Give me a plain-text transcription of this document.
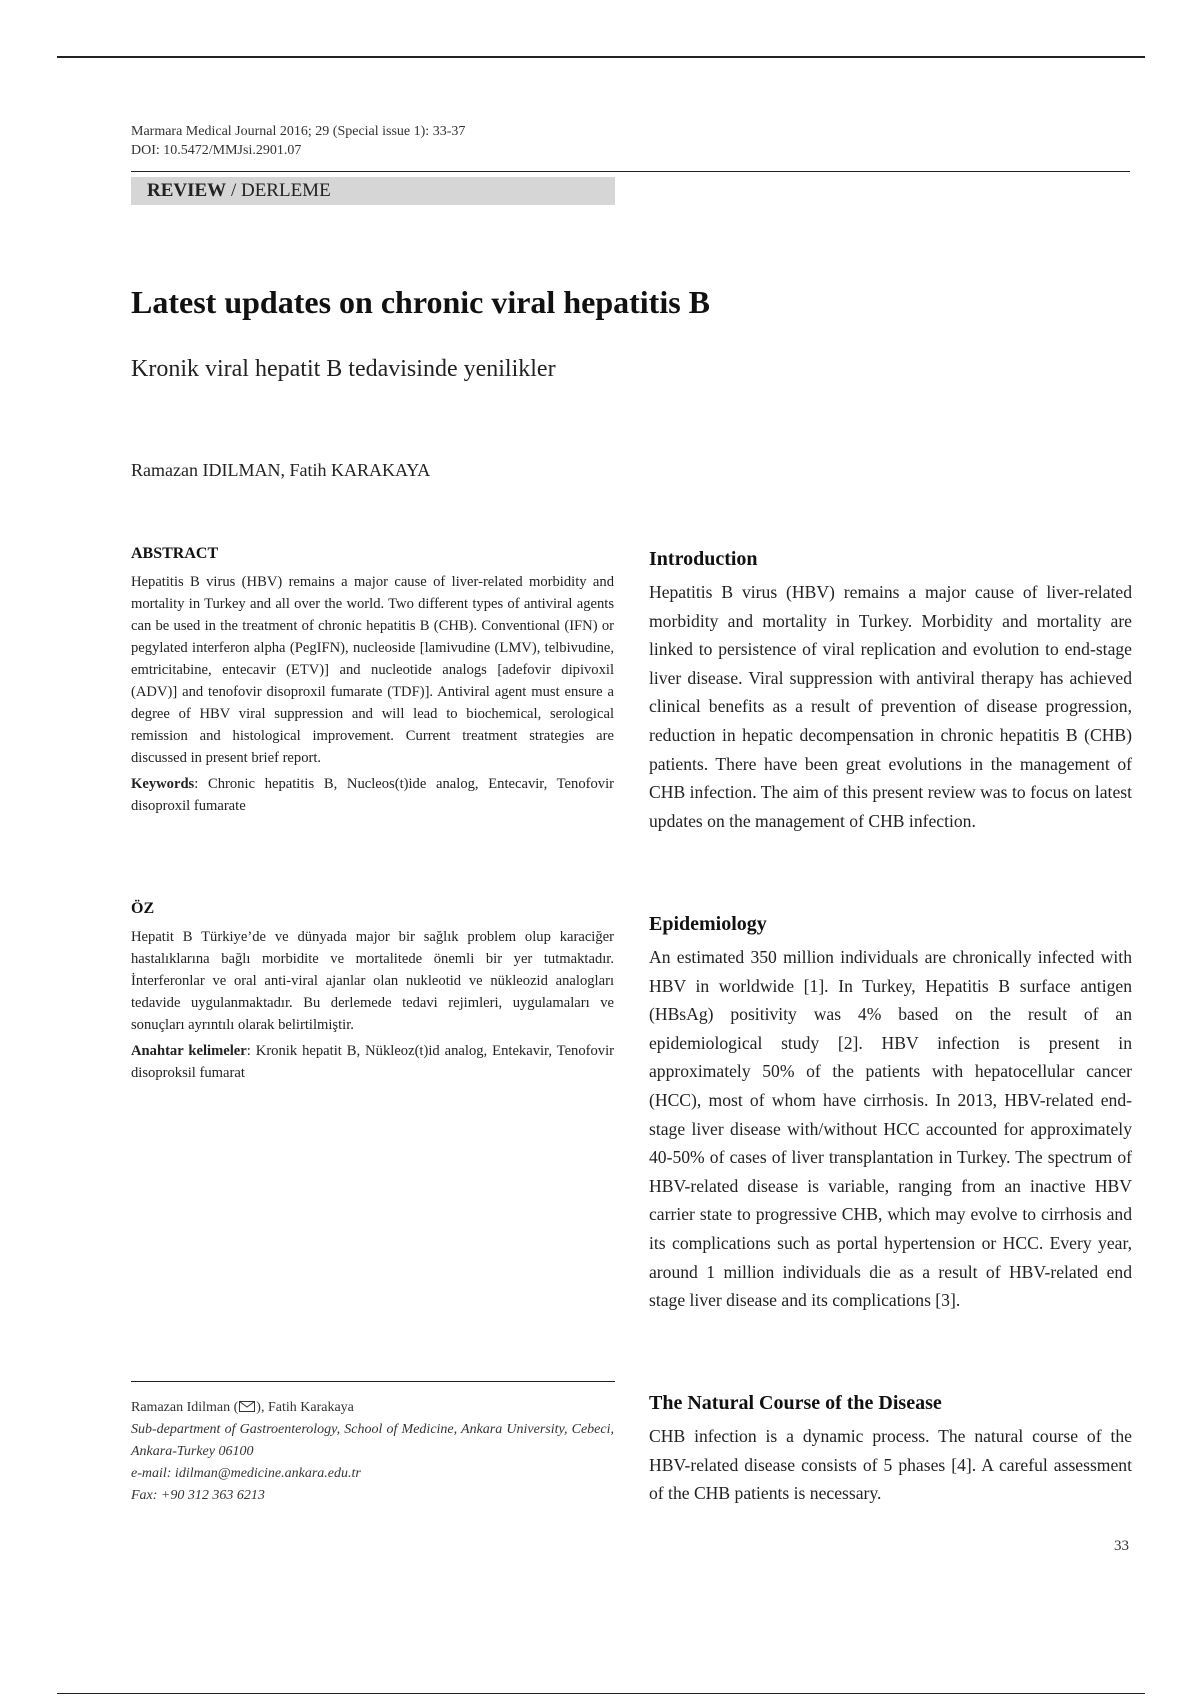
Marmara Medical Journal 2016; 29 (Special issue 1): 33-37
DOI: 10.5472/MMJsi.2901.07
REVIEW / DERLEME
Latest updates on chronic viral hepatitis B
Kronik viral hepatit B tedavisinde yenilikler
Ramazan IDILMAN, Fatih KARAKAYA
ABSTRACT

Hepatitis B virus (HBV) remains a major cause of liver-related morbidity and mortality in Turkey and all over the world. Two different types of antiviral agents can be used in the treatment of chronic hepatitis B (CHB). Conventional (IFN) or pegylated interferon alpha (PegIFN), nucleoside [lamivudine (LMV), telbivudine, emtricitabine, entecavir (ETV)] and nucleotide analogs [adefovir dipivoxil (ADV)] and tenofovir disoproxil fumarate (TDF)]. Antiviral agent must ensure a degree of HBV viral suppression and will lead to biochemical, serological remission and histological improvement. Current treatment strategies are discussed in present brief report.

Keywords: Chronic hepatitis B, Nucleos(t)ide analog, Entecavir, Tenofovir disoproxil fumarate

ÖZ

Hepatit B Türkiye’de ve dünyada major bir sağlık problem olup karaciğer hastalıklarına bağlı morbidite ve mortalitede önemli bir yer tutmaktadır. İnterferonlar ve oral anti-viral ajanlar olan nukleotid ve nükleozid analogları tedavide uygulanmaktadır. Bu derlemede tedavi rejimleri, uygulamaları ve sonuçları ayrıntılı olarak belirtilmiştir.

Anahtar kelimeler: Kronik hepatit B, Nükleoz(t)id analog, Entekavir, Tenofovir disoproksil fumarat

Ramazan Idilman ( ), Fatih Karakaya

Sub-department of Gastroenterology, School of Medicine, Ankara University, Cebeci, Ankara-Turkey 06100

e-mail: idilman@medicine.ankara.edu.tr

Fax: +90 312 363 6213

Introduction

Hepatitis B virus (HBV) remains a major cause of liver-related morbidity and mortality in Turkey. Morbidity and mortality are linked to persistence of viral replication and evolution to end-stage liver disease. Viral suppression with antiviral therapy has achieved clinical benefits as a result of prevention of disease progression, reduction in hepatic decompensation in chronic hepatitis B (CHB) patients. There have been great evolutions in the management of CHB infection. The aim of this present review was to focus on latest updates on the management of CHB infection.

Epidemiology

An estimated 350 million individuals are chronically infected with HBV in worldwide [1]. In Turkey, Hepatitis B surface antigen (HBsAg) positivity was 4% based on the result of an epidemiological study [2]. HBV infection is present in approximately 50% of the patients with hepatocellular cancer (HCC), most of whom have cirrhosis. In 2013, HBV-related end-stage liver disease with/without HCC accounted for approximately 40-50% of cases of liver transplantation in Turkey. The spectrum of HBV-related disease is variable, ranging from an inactive HBV carrier state to progressive CHB, which may evolve to cirrhosis and its complications such as portal hypertension or HCC. Every year, around 1 million individuals die as a result of HBV-related end stage liver disease and its complications [3].

The Natural Course of the Disease

CHB infection is a dynamic process. The natural course of the HBV-related disease consists of 5 phases [4]. A careful assessment of the CHB patients is necessary.

33
